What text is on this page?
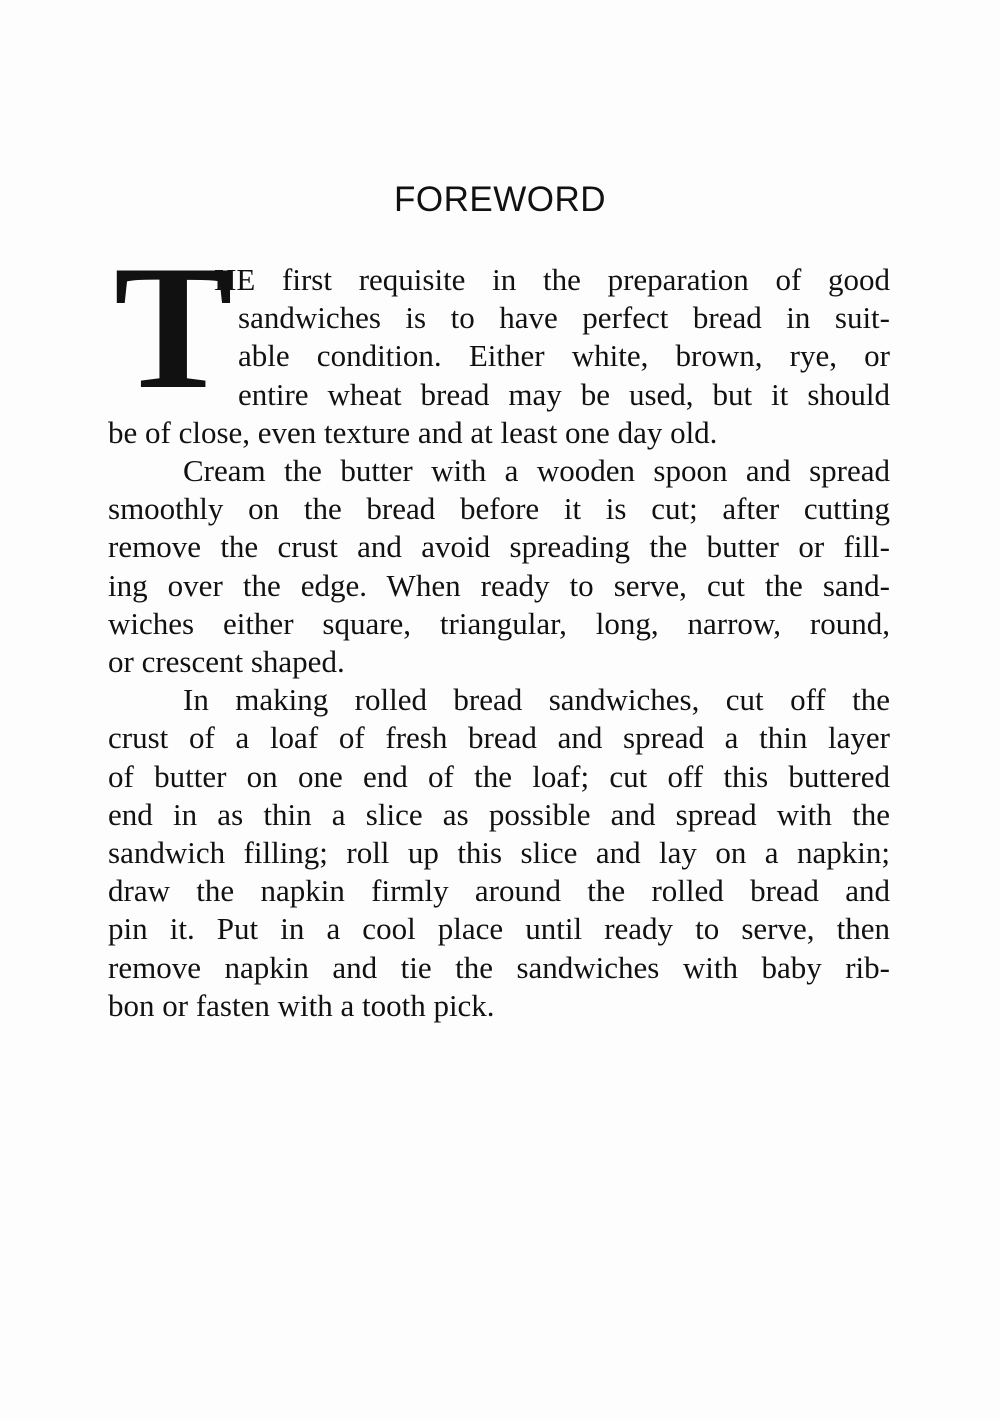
FOREWORD
T
HE first requisite in the preparation of good
sandwiches is to have perfect bread in suit-
able condition. Either white, brown, rye, or
entire wheat bread may be used, but it should
be of close, even texture and at least one day old.
Cream the butter with a wooden spoon and spread
smoothly on the bread before it is cut; after cutting
remove the crust and avoid spreading the butter or fill-
ing over the edge. When ready to serve, cut the sand-
wiches either square, triangular, long, narrow, round,
or crescent shaped.
In making rolled bread sandwiches, cut off the
crust of a loaf of fresh bread and spread a thin layer
of butter on one end of the loaf; cut off this buttered
end in as thin a slice as possible and spread with the
sandwich filling; roll up this slice and lay on a napkin;
draw the napkin firmly around the rolled bread and
pin it. Put in a cool place until ready to serve, then
remove napkin and tie the sandwiches with baby rib-
bon or fasten with a tooth pick.
